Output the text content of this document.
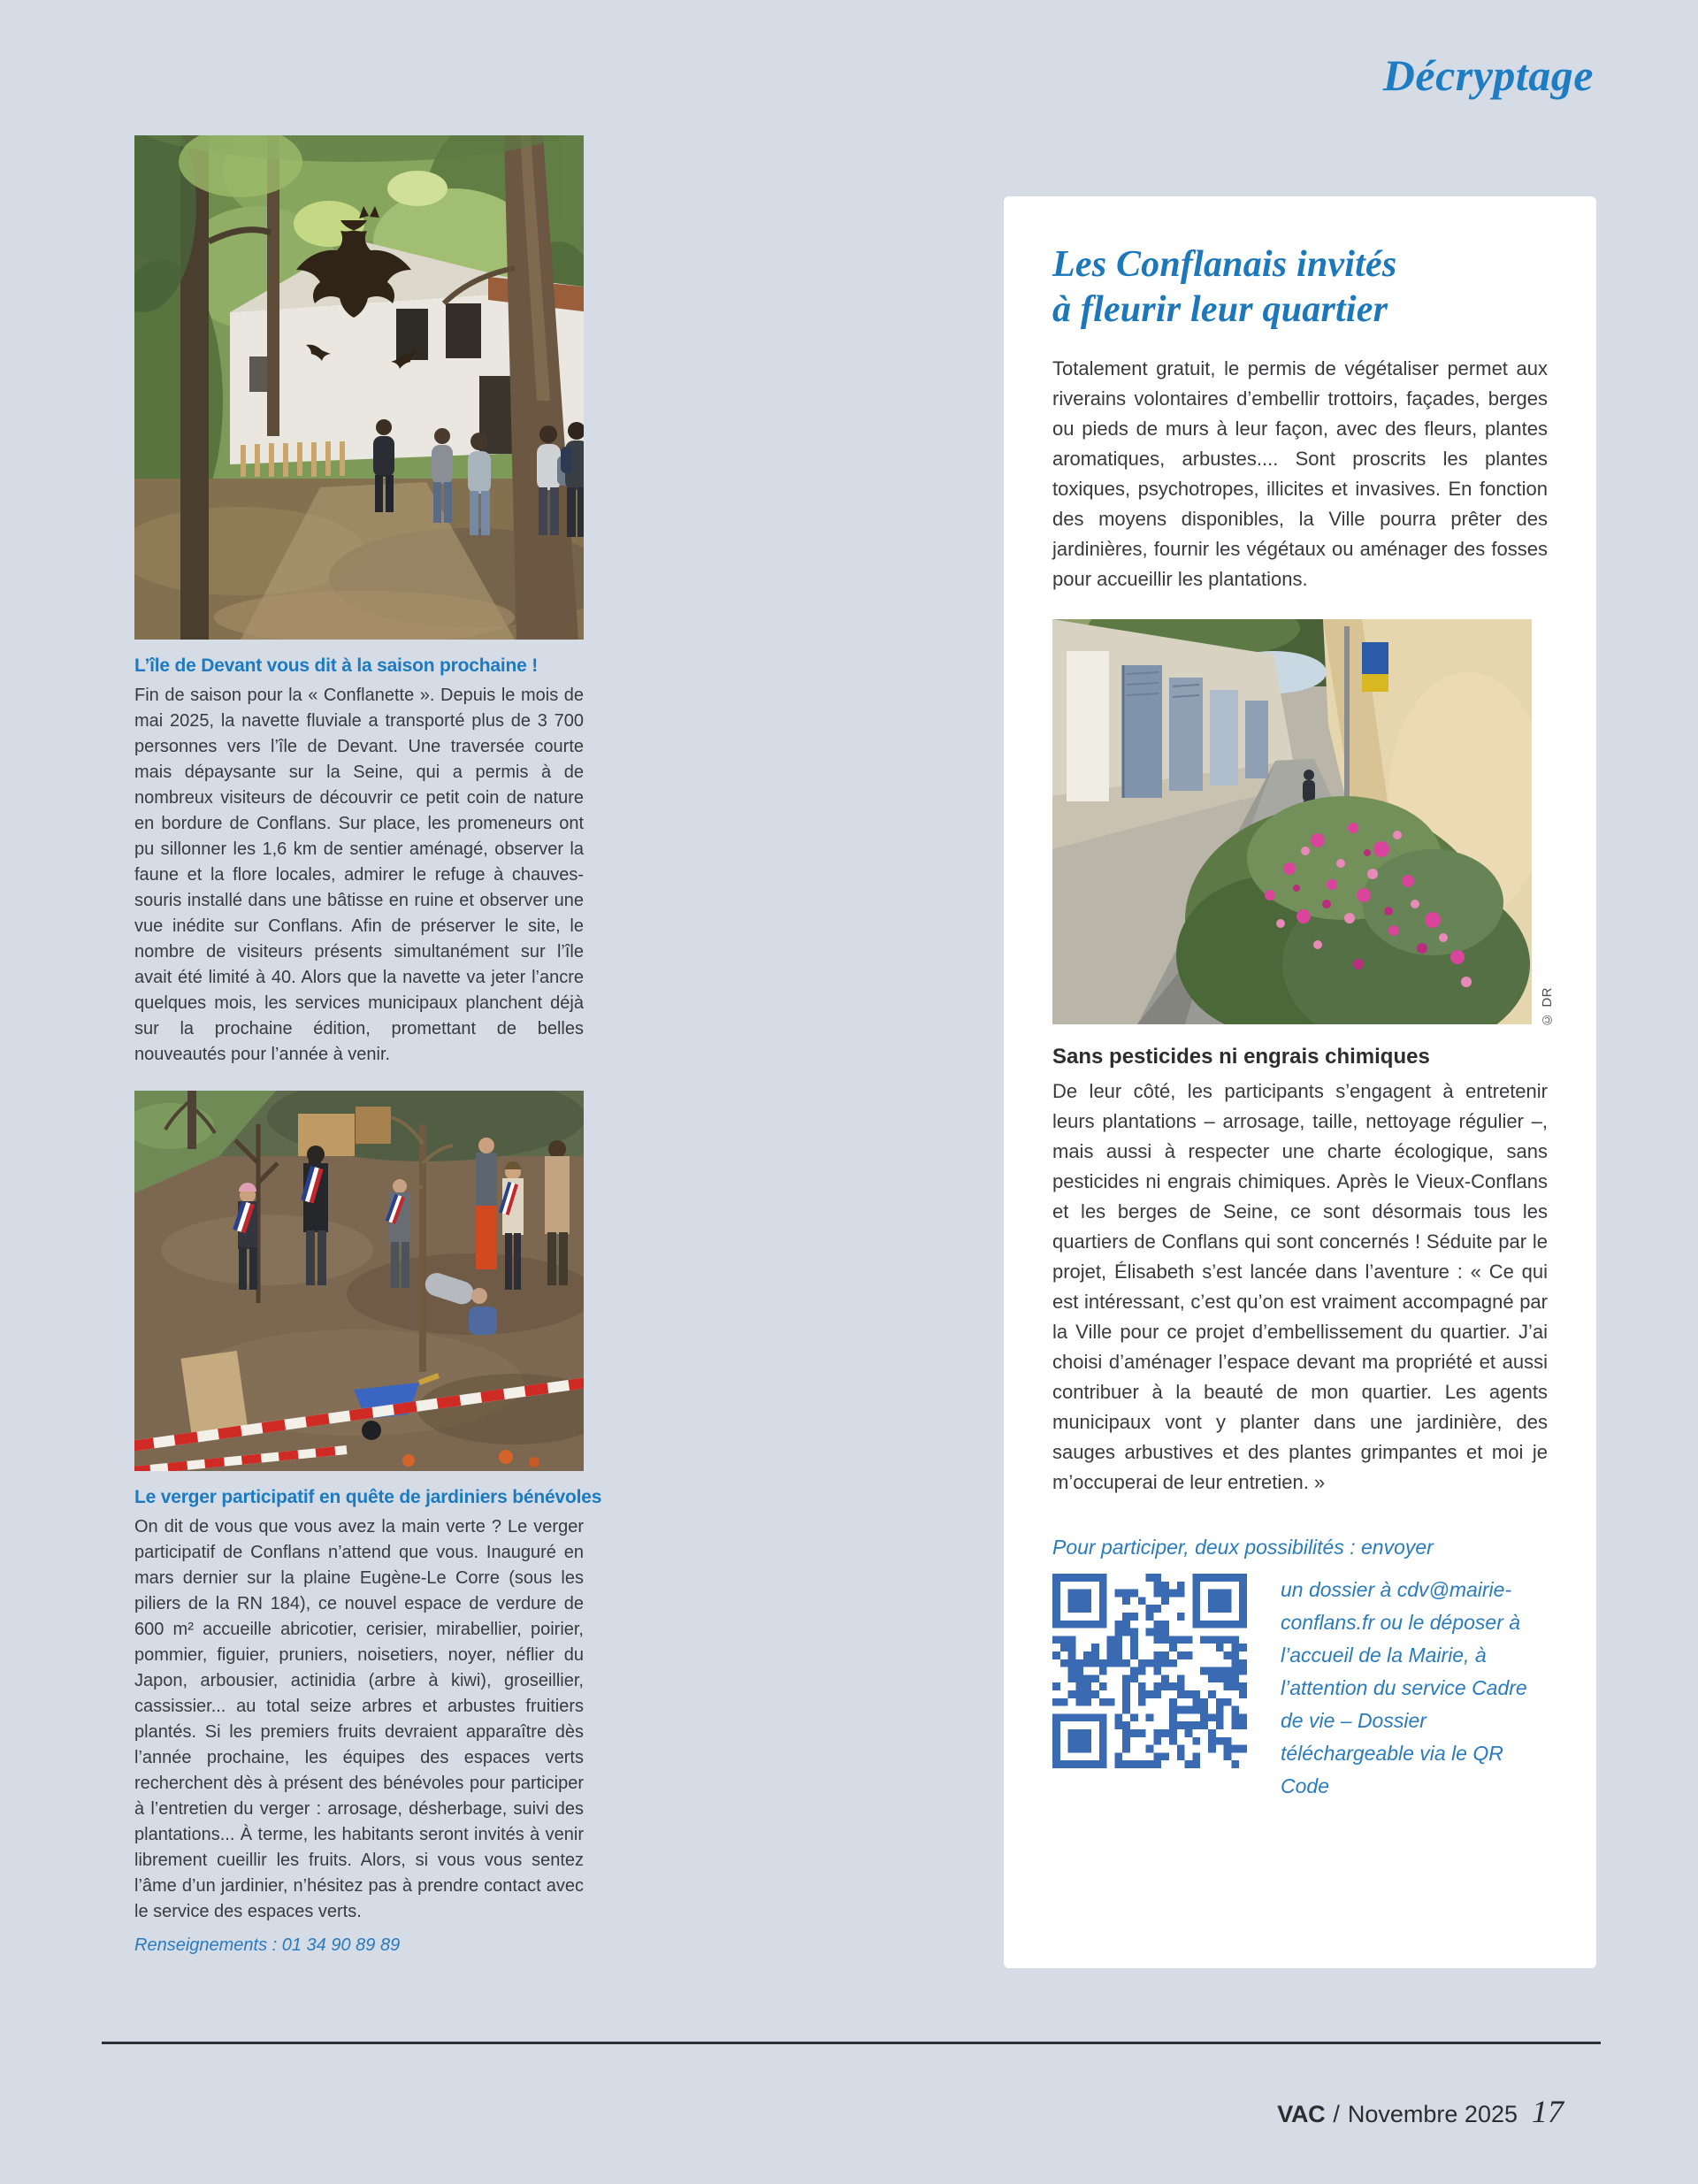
Décryptage
L’île de Devant vous dit à la saison prochaine !

Fin de saison pour la « Conflanette ». Depuis le mois de mai 2025, la navette fluviale a transporté plus de 3 700 personnes vers l’île de Devant. Une traversée courte mais dépaysante sur la Seine, qui a permis à de nombreux visiteurs de découvrir ce petit coin de nature en bordure de Conflans. Sur place, les promeneurs ont pu sillonner les 1,6 km de sentier aménagé, observer la faune et la flore locales, admirer le refuge à chauves-souris installé dans une bâtisse en ruine et observer une vue inédite sur Conflans. Afin de préserver le site, le nombre de visiteurs présents simultanément sur l’île avait été limité à 40. Alors que la navette va jeter l’ancre quelques mois, les services municipaux planchent déjà sur la prochaine édition, promettant de belles nouveautés pour l’année à venir.

Le verger participatif en quête de jardiniers bénévoles

On dit de vous que vous avez la main verte ? Le verger participatif de Conflans n’attend que vous. Inauguré en mars dernier sur la plaine Eugène-Le Corre (sous les piliers de la RN 184), ce nouvel espace de verdure de 600 m² accueille abricotier, cerisier, mirabellier, poirier, pommier, figuier, pruniers, noisetiers, noyer, néflier du Japon, arbousier, actinidia (arbre à kiwi), groseillier, cassissier... au total seize arbres et arbustes fruitiers plantés. Si les premiers fruits devraient apparaître dès l’année prochaine, les équipes des espaces verts recherchent dès à présent des bénévoles pour participer à l’entretien du verger : arrosage, désherbage, suivi des plantations... À terme, les habitants seront invités à venir librement cueillir les fruits. Alors, si vous vous sentez l’âme d’un jardinier, n’hésitez pas à prendre contact avec le service des espaces verts.

Renseignements : 01 34 90 89 89

Les Conflanais invités
à fleurir leur quartier

Totalement gratuit, le permis de végétaliser permet aux riverains volontaires d’embellir trottoirs, façades, berges ou pieds de murs à leur façon, avec des fleurs, plantes aromatiques, arbustes.... Sont proscrits les plantes toxiques, psychotropes, illicites et invasives. En fonction des moyens disponibles, la Ville pourra prêter des jardinières, fournir les végétaux ou aménager des fosses pour accueillir les plantations.

© DR
Sans pesticides ni engrais chimiques

De leur côté, les participants s’engagent à entretenir leurs plantations – arrosage, taille, nettoyage régulier –, mais aussi à respecter une charte écologique, sans pesticides ni engrais chimiques. Après le Vieux-Conflans et les berges de Seine, ce sont désormais tous les quartiers de Conflans qui sont concernés ! Séduite par le projet, Élisabeth s’est lancée dans l’aventure : « Ce qui est intéressant, c’est qu’on est vraiment accompagné par la Ville pour ce projet d’embellissement du quartier. J’ai choisi d’aménager l’espace devant ma propriété et aussi contribuer à la beauté de mon quartier. Les agents municipaux vont y planter dans une jardinière, des sauges arbustives et des plantes grimpantes et moi je m’occuperai de leur entretien. »

Pour participer, deux possibilités : envoyer
un dossier à cdv@mairie-conflans.fr ou le déposer à l’accueil de la Mairie, à l’attention du service Cadre de vie – Dossier téléchargeable via le QR Code
VAC / Novembre 2025 17
